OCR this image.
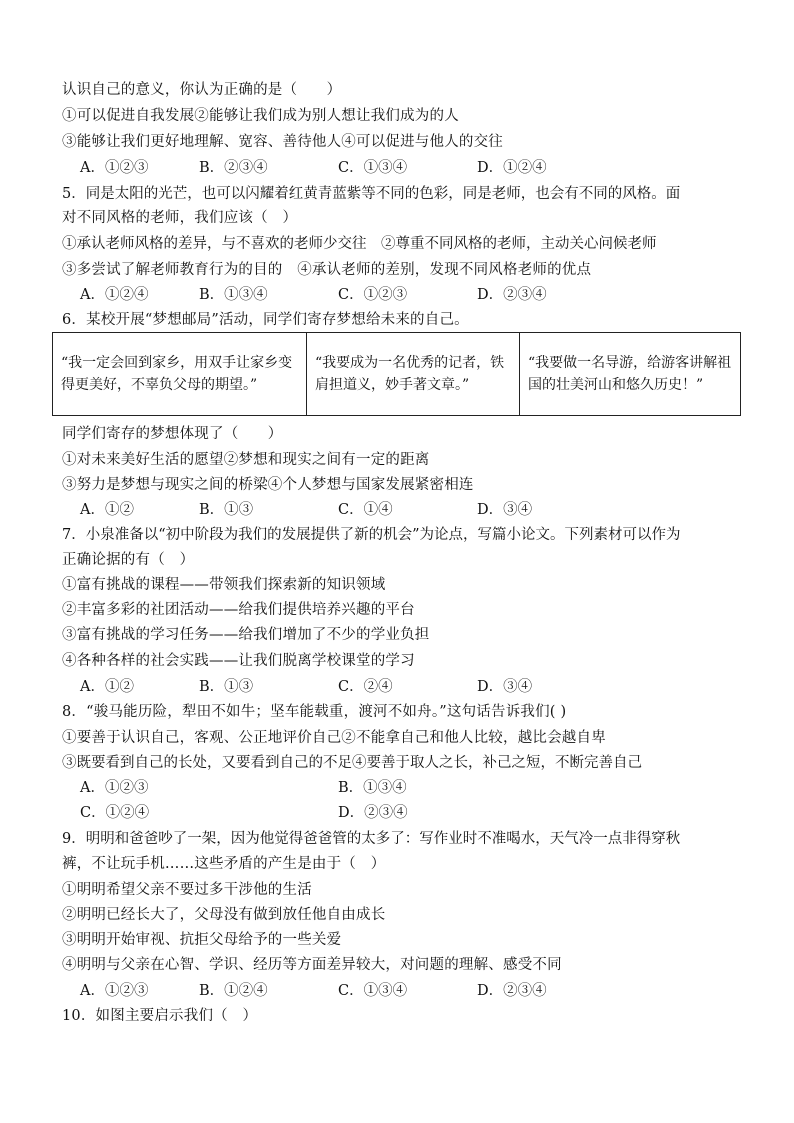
认识自己的意义，你认为正确的是（　　）
①可以促进自我发展②能够让我们成为别人想让我们成为的人
③能够让我们更好地理解、宽容、善待他人④可以促进与他人的交往
A．①②③	B．②③④	C．①③④	D．①②④
5．同是太阳的光芒，也可以闪耀着红黄青蓝紫等不同的色彩，同是老师，也会有不同的风格。面
对不同风格的老师，我们应该（　）
①承认老师风格的差异，与不喜欢的老师少交往　②尊重不同风格的老师，主动关心问候老师
③多尝试了解老师教育行为的目的　④承认老师的差别，发现不同风格老师的优点
A．①②④	B．①③④	C．①②③	D．②③④
6．某校开展“梦想邮局”活动，同学们寄存梦想给未来的自己。
“我一定会回到家乡，用双手让家乡变得更美好，不辜负父母的期望。”	“我要成为一名优秀的记者，铁肩担道义，妙手著文章。”	“我要做一名导游，给游客讲解祖国的壮美河山和悠久历史！”
同学们寄存的梦想体现了（　　）
①对未来美好生活的愿望②梦想和现实之间有一定的距离
③努力是梦想与现实之间的桥梁④个人梦想与国家发展紧密相连
A．①②	B．①③	C．①④	D．③④
7．小泉准备以“初中阶段为我们的发展提供了新的机会”为论点，写篇小论文。下列素材可以作为
正确论据的有（　）
①富有挑战的课程——带领我们探索新的知识领域
②丰富多彩的社团活动——给我们提供培养兴趣的平台
③富有挑战的学习任务——给我们增加了不少的学业负担
④各种各样的社会实践——让我们脱离学校课堂的学习
A．①②	B．①③	C．②④	D．③④
8．“骏马能历险，犁田不如牛；坚车能载重，渡河不如舟。”这句话告诉我们( )
①要善于认识自己，客观、公正地评价自己②不能拿自己和他人比较，越比会越自卑
③既要看到自己的长处，又要看到自己的不足④要善于取人之长，补己之短，不断完善自己
A．①②③	B．①③④
C．①②④	D．②③④
9．明明和爸爸吵了一架，因为他觉得爸爸管的太多了：写作业时不准喝水，天气冷一点非得穿秋
裤，不让玩手机……这些矛盾的产生是由于（　）
①明明希望父亲不要过多干涉他的生活
②明明已经长大了，父母没有做到放任他自由成长
③明明开始审视、抗拒父母给予的一些关爱
④明明与父亲在心智、学识、经历等方面差异较大，对问题的理解、感受不同
A．①②③	B．①②④	C．①③④	D．②③④
10．如图主要启示我们（　）
